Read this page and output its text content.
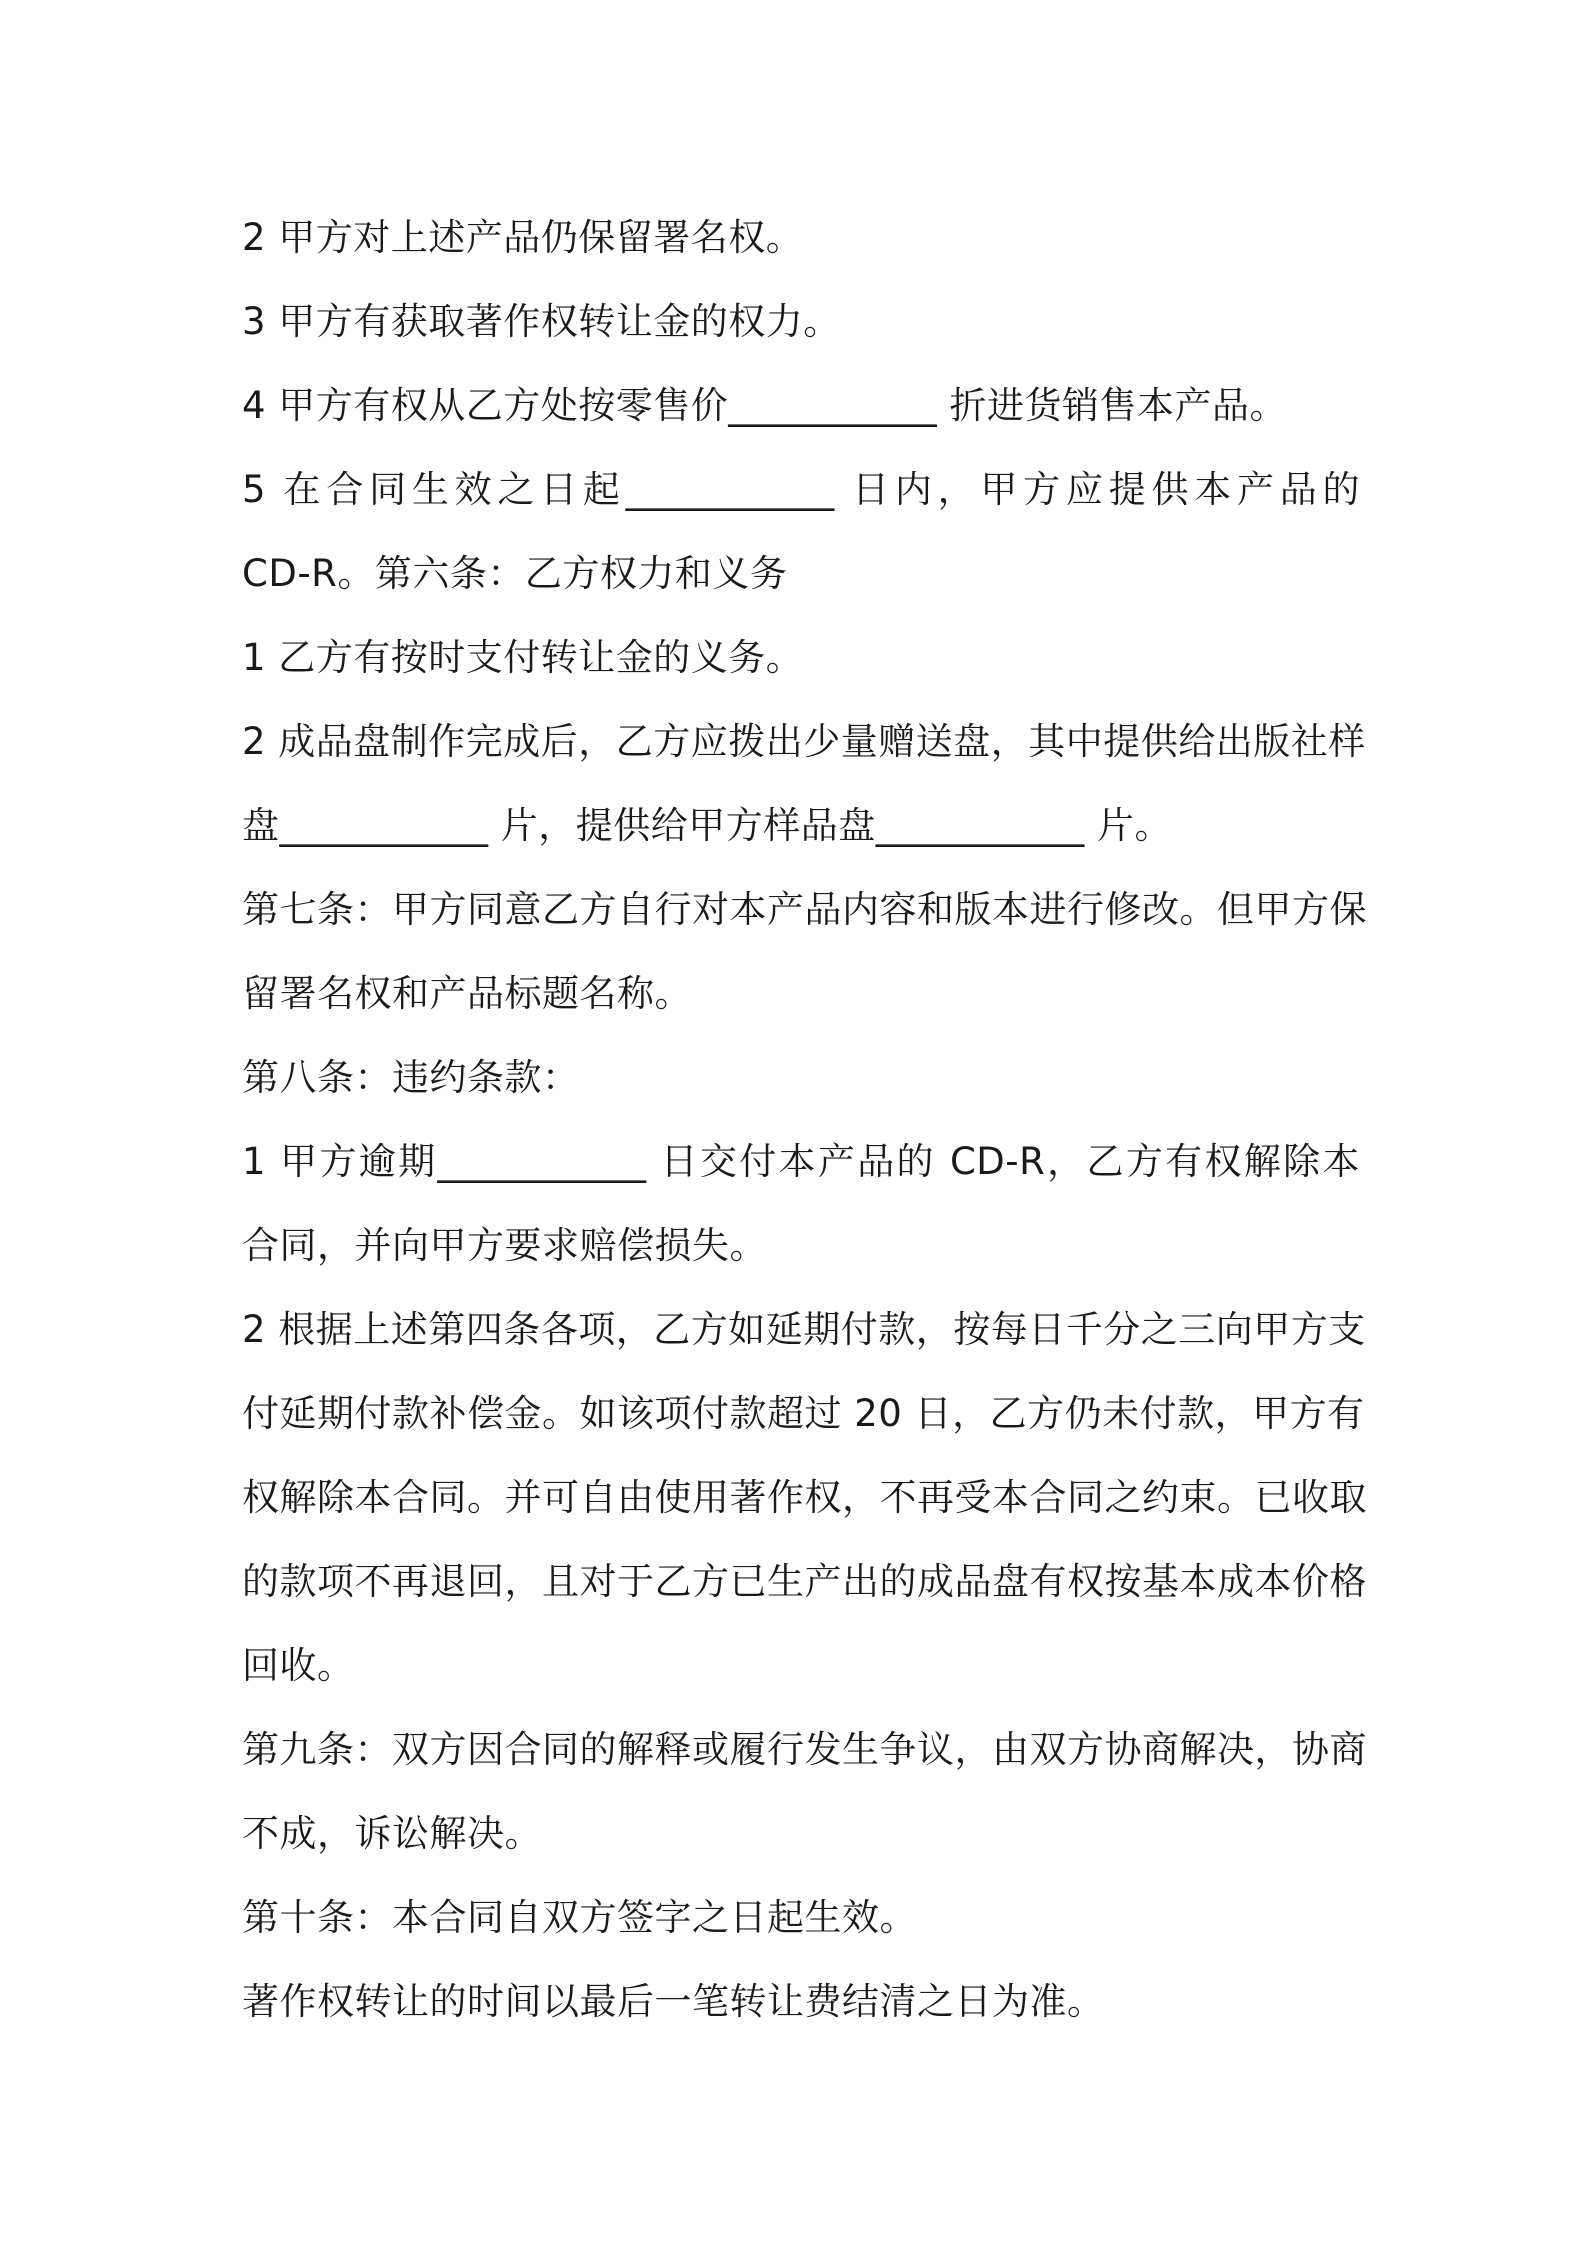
2 甲方对上述产品仍保留署名权。
3 甲方有获取著作权转让金的权力。
4 甲方有权从乙方处按零售价___________ 折进货销售本产品。
5 在合同生效之日起___________ 日内，甲方应提供本产品的
CD-R。第六条：乙方权力和义务
1 乙方有按时支付转让金的义务。
2 成品盘制作完成后，乙方应拨出少量赠送盘，其中提供给出版社样
盘___________ 片，提供给甲方样品盘___________ 片。
第七条：甲方同意乙方自行对本产品内容和版本进行修改。但甲方保
留署名权和产品标题名称。
第八条：违约条款：
1 甲方逾期___________ 日交付本产品的 CD-R，乙方有权解除本
合同，并向甲方要求赔偿损失。
2 根据上述第四条各项，乙方如延期付款，按每日千分之三向甲方支
付延期付款补偿金。如该项付款超过 20 日，乙方仍未付款，甲方有
权解除本合同。并可自由使用著作权，不再受本合同之约束。已收取
的款项不再退回，且对于乙方已生产出的成品盘有权按基本成本价格
回收。
第九条：双方因合同的解释或履行发生争议，由双方协商解决，协商
不成，诉讼解决。
第十条：本合同自双方签字之日起生效。
著作权转让的时间以最后一笔转让费结清之日为准。
